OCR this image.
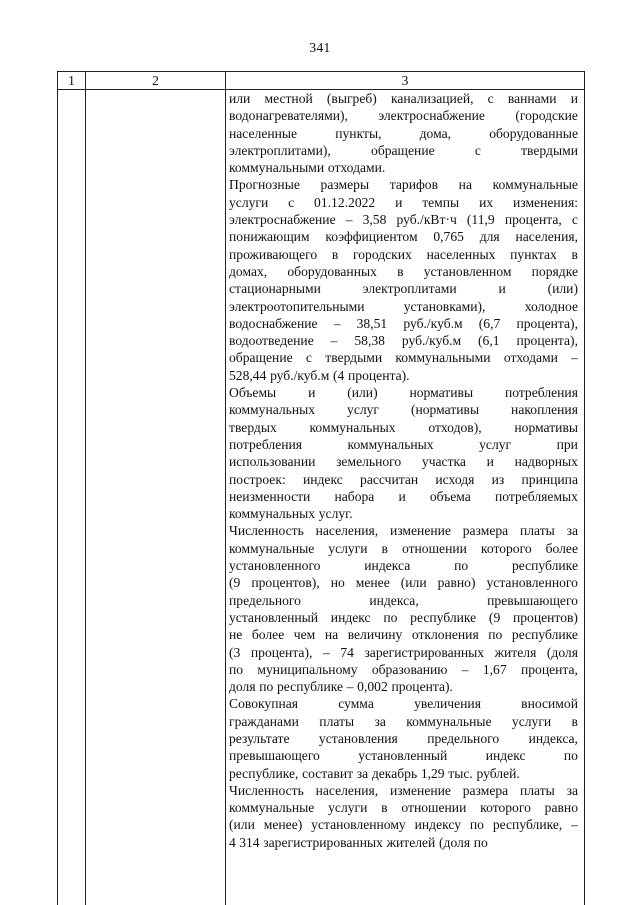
341
1	2	3
или местной (выгреб) канализацией, с ваннами и
водонагревателями), электроснабжение (городские
населенные	пункты,	дома,	оборудованные
электроплитами),	обращение	с	твердыми
коммунальными отходами.
Прогнозные размеры тарифов на коммунальные
услуги с 01.12.2022 и темпы их изменения:
электроснабжение – 3,58 руб./кВт·ч (11,9 процента, с
понижающим коэффициентом 0,765 для населения,
проживающего в городских населенных пунктах в
домах, оборудованных в установленном порядке
стационарными	электроплитами	и	(или)
электроотопительными	установками),	холодное
водоснабжение – 38,51 руб./куб.м (6,7 процента),
водоотведение – 58,38 руб./куб.м (6,1 процента),
обращение с твердыми коммунальными отходами –
528,44 руб./куб.м (4 процента).
Объемы и (или) нормативы потребления
коммунальных услуг (нормативы накопления
твердых коммунальных отходов), нормативы
потребления	коммунальных	услуг	при
использовании земельного участка и надворных
построек: индекс рассчитан исходя из принципа
неизменности набора и объема потребляемых
коммунальных услуг.
Численность населения, изменение размера платы за
коммунальные услуги в отношении которого более
установленного	индекса	по	республике
(9 процентов), но менее (или равно) установленного
предельного	индекса,	превышающего
установленный индекс по республике (9 процентов)
не более чем на величину отклонения по республике
(3 процента), – 74 зарегистрированных жителя (доля
по муниципальному образованию – 1,67 процента,
доля по республике – 0,002 процента).
Совокупная	сумма	увеличения	вносимой
гражданами платы за коммунальные услуги в
результате установления предельного индекса,
превышающего	установленный	индекс	по
республике, составит за декабрь 1,29 тыс. рублей.
Численность населения, изменение размера платы за
коммунальные услуги в отношении которого равно
(или менее) установленному индексу по республике, –
4 314 зарегистрированных жителей (доля по
